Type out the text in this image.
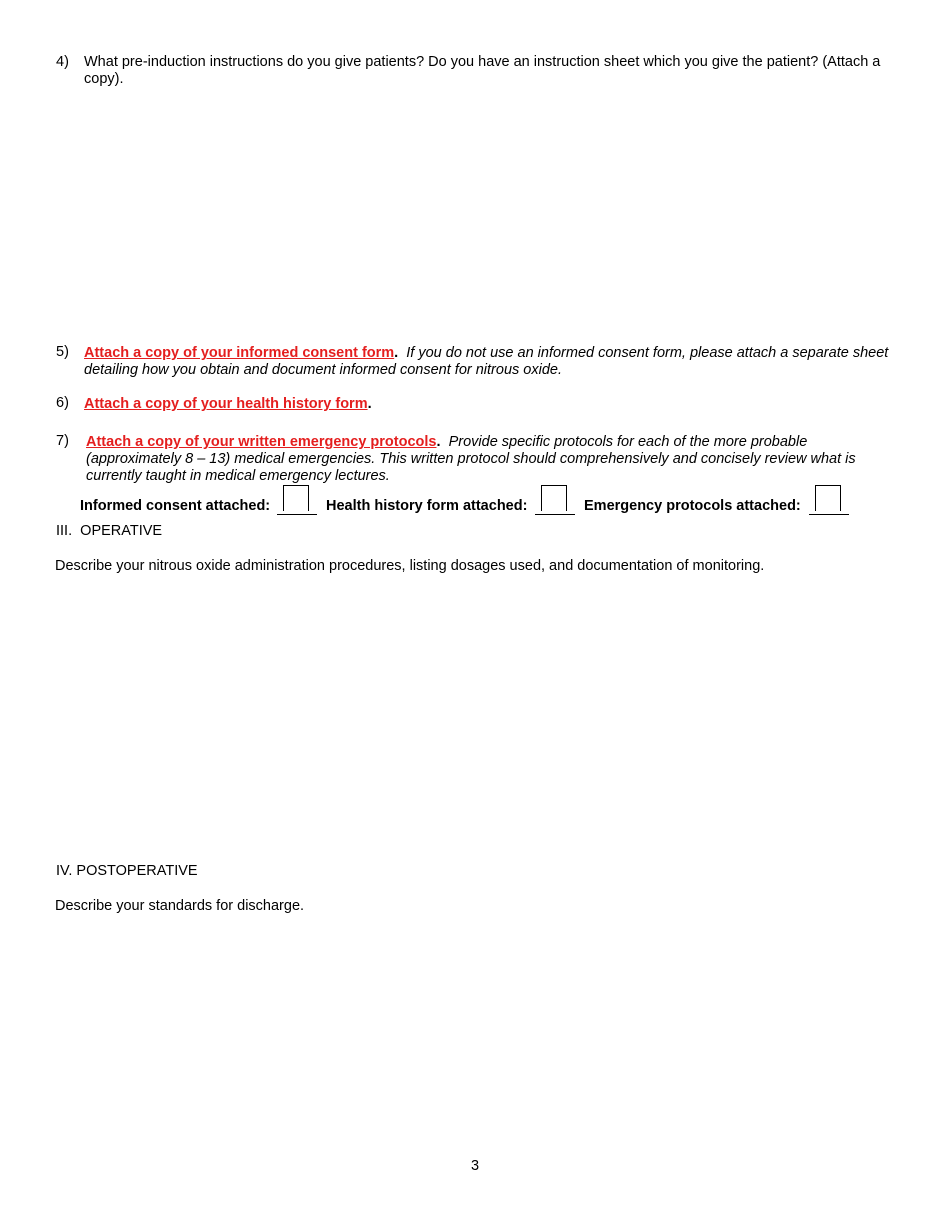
4) What pre-induction instructions do you give patients? Do you have an instruction sheet which you give the patient? (Attach a copy).
5) Attach a copy of your informed consent form. If you do not use an informed consent form, please attach a separate sheet detailing how you obtain and document informed consent for nitrous oxide.
6) Attach a copy of your health history form.
7) Attach a copy of your written emergency protocols. Provide specific protocols for each of the more probable (approximately 8 – 13) medical emergencies. This written protocol should comprehensively and concisely review what is currently taught in medical emergency lectures.
Informed consent attached:	Health history form attached:	Emergency protocols attached:
III.  OPERATIVE
Describe your nitrous oxide administration procedures, listing dosages used, and documentation of monitoring.
IV. POSTOPERATIVE
Describe your standards for discharge.
3
